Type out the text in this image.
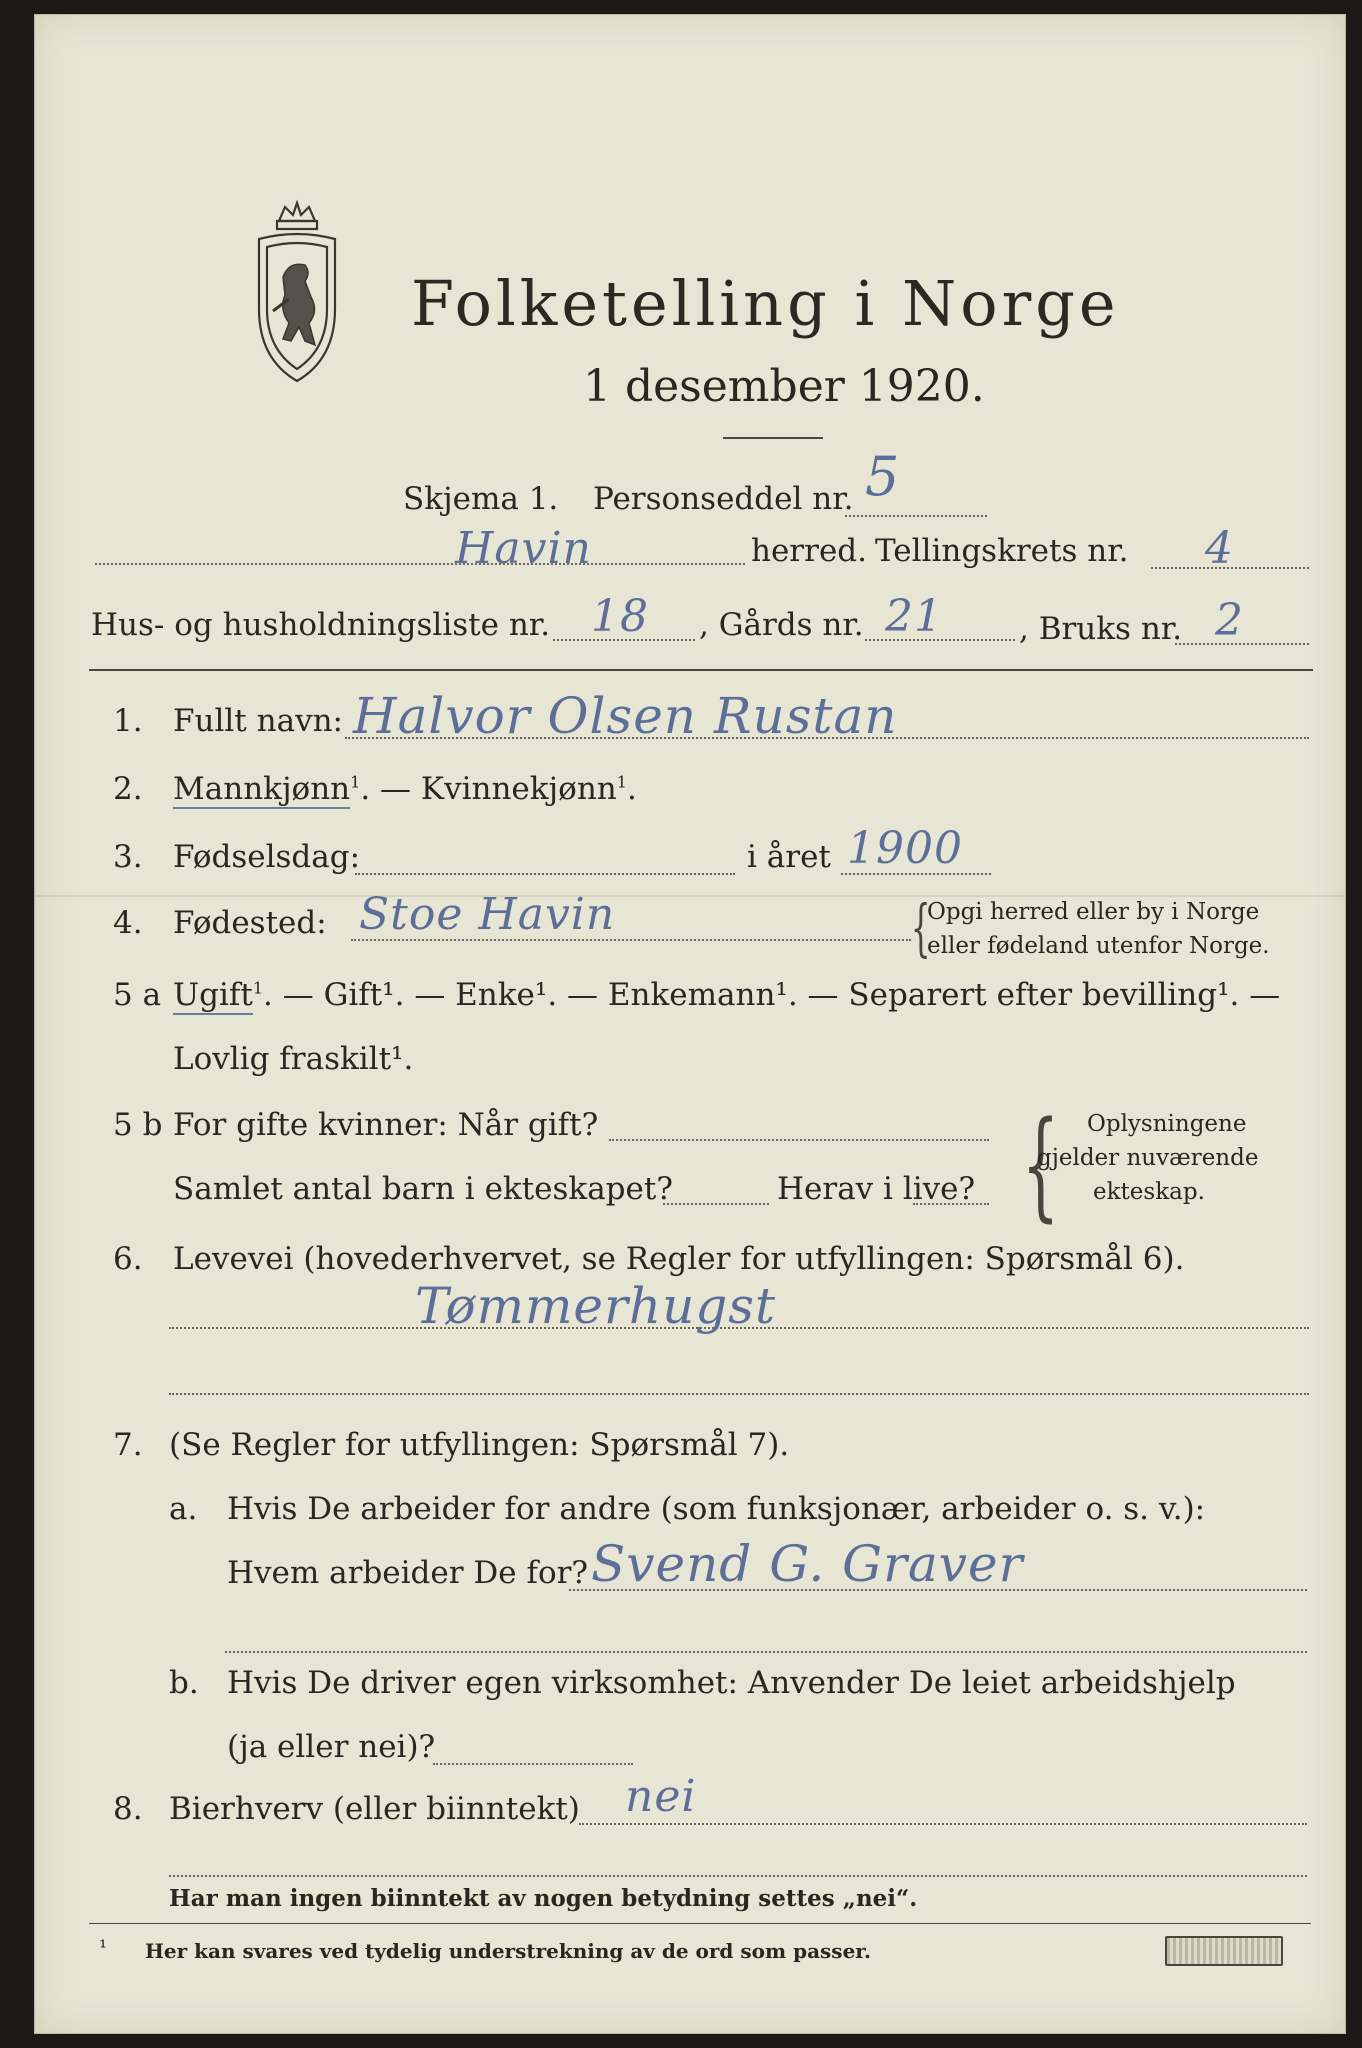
Folketelling i Norge
1 desember 1920.
Skjema 1. Personseddel nr. 5
Havin	herred. Tellingskrets nr. 4
Hus- og husholdningsliste nr. 18 , Gårds nr. 21 , Bruks nr. 2
1. Fullt navn: Halvor Olsen Rustan
2. Mannkjønn$^1$. — Kvinnekjønn$^1$.
3. Fødselsdag:	i året 1900
4. Fødested: Stoe Havin	{
Opgi herred eller by i Norge
eller fødeland utenfor Norge.
5 a Ugift$^1$. — Gift¹. — Enke¹. — Enkemann¹. — Separert efter bevilling¹. —
Lovlig fraskilt¹.
5 b For gifte kvinner: Når gift?
Samlet antal barn i ekteskapet?	Herav i live? { Oplysningene
gjelder nuværende
ekteskap.
6. Levevei (hovederhvervet, se Regler for utfyllingen: Spørsmål 6).
Tømmerhugst
7. (Se Regler for utfyllingen: Spørsmål 7).
a. Hvis De arbeider for andre (som funksjonær, arbeider o. s. v.):
Hvem arbeider De for? Svend G. Graver
b. Hvis De driver egen virksomhet: Anvender De leiet arbeidshjelp
(ja eller nei)?
8. Bierhverv (eller biinntekt) nei
Har man ingen biinntekt av nogen betydning settes „nei“.
¹ Her kan svares ved tydelig understrekning av de ord som passer.
